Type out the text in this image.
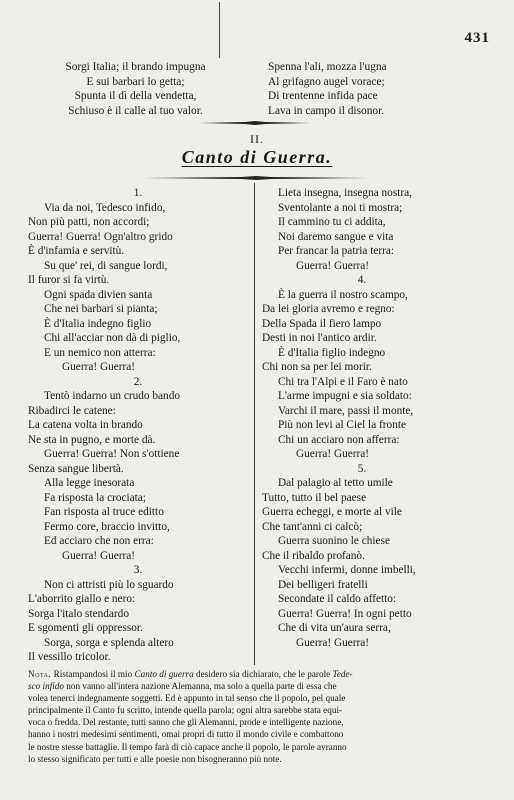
431
Sorgi Italia; il brando impugna
E sui barbari lo getta;
Spunta il dì della vendetta,
Schiuso è il calle al tuo valor.
Spenna l'ali, mozza l'ugna
Al grifagno augel vorace;
Di trentenne infida pace
Lava in campo il disonor.
II.
Canto di Guerra.
1.
Via da noi, Tedesco infido,
Non più patti, non accordi;
Guerra! Guerra! Ogn'altro grido
È d'infamia e servitù.
Su que' rei, di sangue lordi,
Il furor si fa virtù.
Ogni spada divien santa
Che nei barbari si pianta;
È d'Italia indegno figlio
Chi all'acciar non dà di piglio,
E un nemico non atterra:
Guerra! Guerra!
2.
Tentò indarno un crudo bando
Ribadirci le catene:
La catena volta in brando
Ne sta in pugno, e morte dà.
Guerra! Guerra! Non s'ottiene
Senza sangue libertà.
Alla legge inesorata
Fa risposta la crociata;
Fan risposta al truce editto
Fermo core, braccio invitto,
Ed acciaro che non erra:
Guerra! Guerra!
3.
Non ci attristi più lo sguardo
L'aborrito giallo e nero:
Sorga l'italo stendardo
E sgomenti gli oppressor.
Sorga, sorga e splenda altero
Il vessillo tricolor.
Lieta insegna, insegna nostra,
Sventolante a noi ti mostra;
Il cammino tu ci addita,
Noi daremo sangue e vita
Per francar la patria terra:
Guerra! Guerra!
4.
È la guerra il nostro scampo,
Da lei gloria avremo e regno:
Della Spada il fiero lampo
Desti in noi l'antico ardir.
È d'Italia figlio indegno
Chi non sa per lei morir.
Chi tra l'Alpi e il Faro è nato
L'arme impugni e sia soldato:
Varchi il mare, passi il monte,
Più non levi al Ciel la fronte
Chi un acciaro non afferra:
Guerra! Guerra!
5.
Dal palagio al tetto umile
Tutto, tutto il bel paese
Guerra echeggi, e morte al vile
Che tant'anni ci calcò;
Guerra suonino le chiese
Che il ribaldo profanò.
Vecchi infermi, donne imbelli,
Dei belligeri fratelli
Secondate il caldo affetto:
Guerra! Guerra! In ogni petto
Che di vita un'aura serra,
Guerra! Guerra!
Nota. Ristampandosi il mio Canto di guerra desidero sia dichiarato, che le parole Tede-
sco infido non vanno all'intera nazione Alemanna, ma solo a quella parte di essa che
volea tenerci indegnamente soggetti. Ed è appunto in tal senso che il popolo, pel quale
principalmente il Canto fu scritto, intende quella parola; ogni altra sarebbe stata equi-
voca o fredda. Del restante, tutti sanno che gli Alemanni, prode e intelligente nazione,
hanno i nostri medesimi sentimenti, omai propri di tutto il mondo civile e combattono
le nostre stesse battaglie. Il tempo farà di ciò capace anche il popolo, le parole avranno
lo stesso significato per tutti e alle poesie non bisogneranno più note.
